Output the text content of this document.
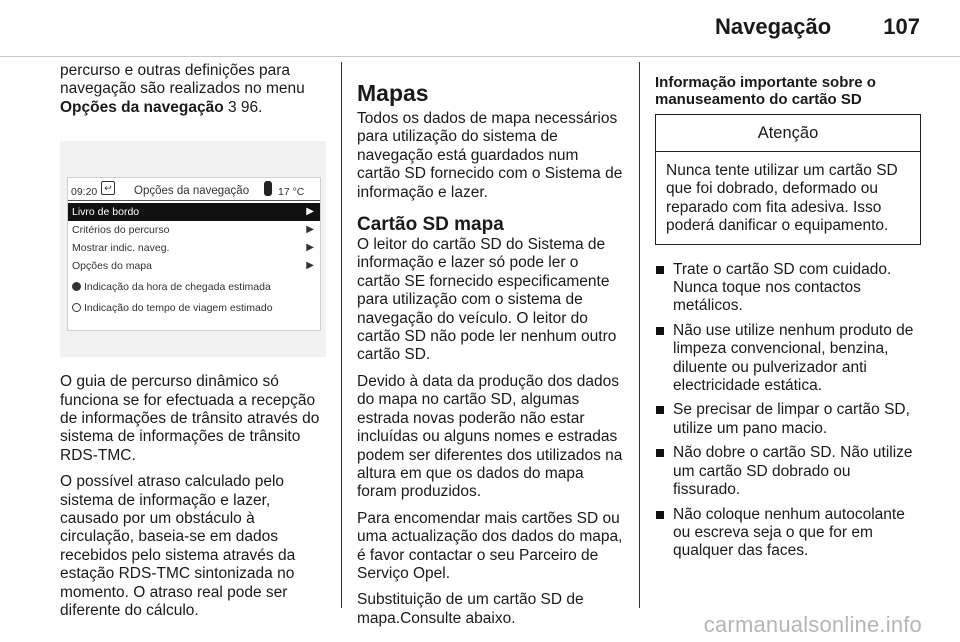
Navegação 107

percurso e outras definições para
navegação são realizados no menu
Opções da navegação 3 96.

09:20 ↩ Opções da navegação	17 °C
Livro de bordo	▶
Critérios do percurso	▶
Mostrar indic. naveg.	▶
Opções do mapa	▶
Indicação da hora de chegada estimada
Indicação do tempo de viagem estimado

O guia de percurso dinâmico só funciona se for efectuada a recepção de informações de trânsito através do sistema de informações de trânsito RDS-TMC.

O possível atraso calculado pelo sistema de informação e lazer, causado por um obstáculo à circulação, baseia-se em dados recebidos pelo sistema através da estação RDS-TMC sintonizada no momento. O atraso real pode ser diferente do cálculo.

Mapas

Todos os dados de mapa necessários para utilização do sistema de navegação está guardados num cartão SD fornecido com o Sistema de informação e lazer.

Cartão SD mapa

O leitor do cartão SD do Sistema de informação e lazer só pode ler o cartão SE fornecido especificamente para utilização com o sistema de navegação do veículo. O leitor do cartão SD não pode ler nenhum outro cartão SD.

Devido à data da produção dos dados do mapa no cartão SD, algumas estrada novas poderão não estar incluídas ou alguns nomes e estradas podem ser diferentes dos utilizados na altura em que os dados do mapa foram produzidos.

Para encomendar mais cartões SD ou uma actualização dos dados do mapa, é favor contactar o seu Parceiro de Serviço Opel.

Substituição de um cartão SD de mapa.Consulte abaixo.

Informação importante sobre o manuseamento do cartão SD
Atenção
Nunca tente utilizar um cartão SD que foi dobrado, deformado ou reparado com fita adesiva. Isso poderá danificar o equipamento.
Trate o cartão SD com cuidado. Nunca toque nos contactos metálicos.
Não use utilize nenhum produto de limpeza convencional, benzina, diluente ou pulverizador anti electricidade estática.
Se precisar de limpar o cartão SD, utilize um pano macio.
Não dobre o cartão SD. Não utilize um cartão SD dobrado ou fissurado.
Não coloque nenhum autocolante ou escreva seja o que for em qualquer das faces.
carmanualsonline.info
